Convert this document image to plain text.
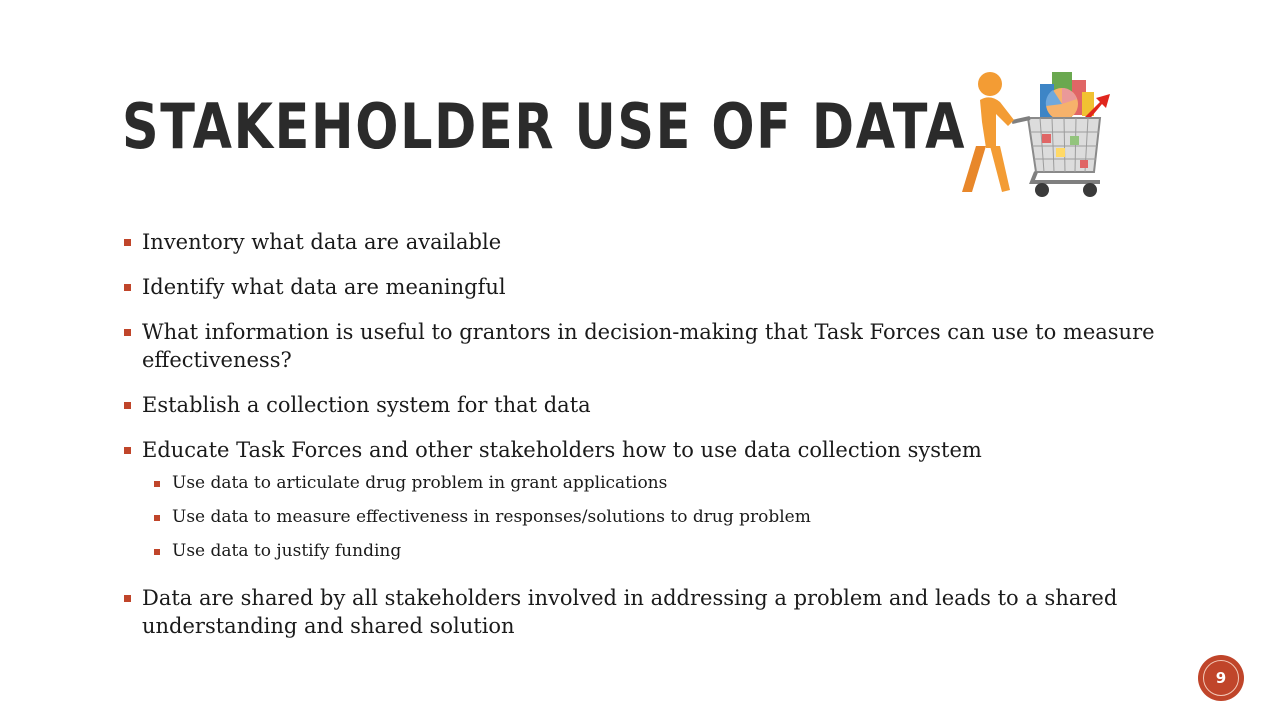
STAKEHOLDER USE OF DATA
Inventory what data are available
Identify what data are meaningful
What information is useful to grantors in decision-making that Task Forces can use to measure effectiveness?
Establish a collection system for that data
Educate Task Forces and other stakeholders how to use data collection system
Use data to articulate drug problem in grant applications
Use data to measure effectiveness in responses/solutions to drug problem
Use data to justify funding
Data are shared by all stakeholders involved in addressing a problem and leads to a shared understanding and shared solution
9
